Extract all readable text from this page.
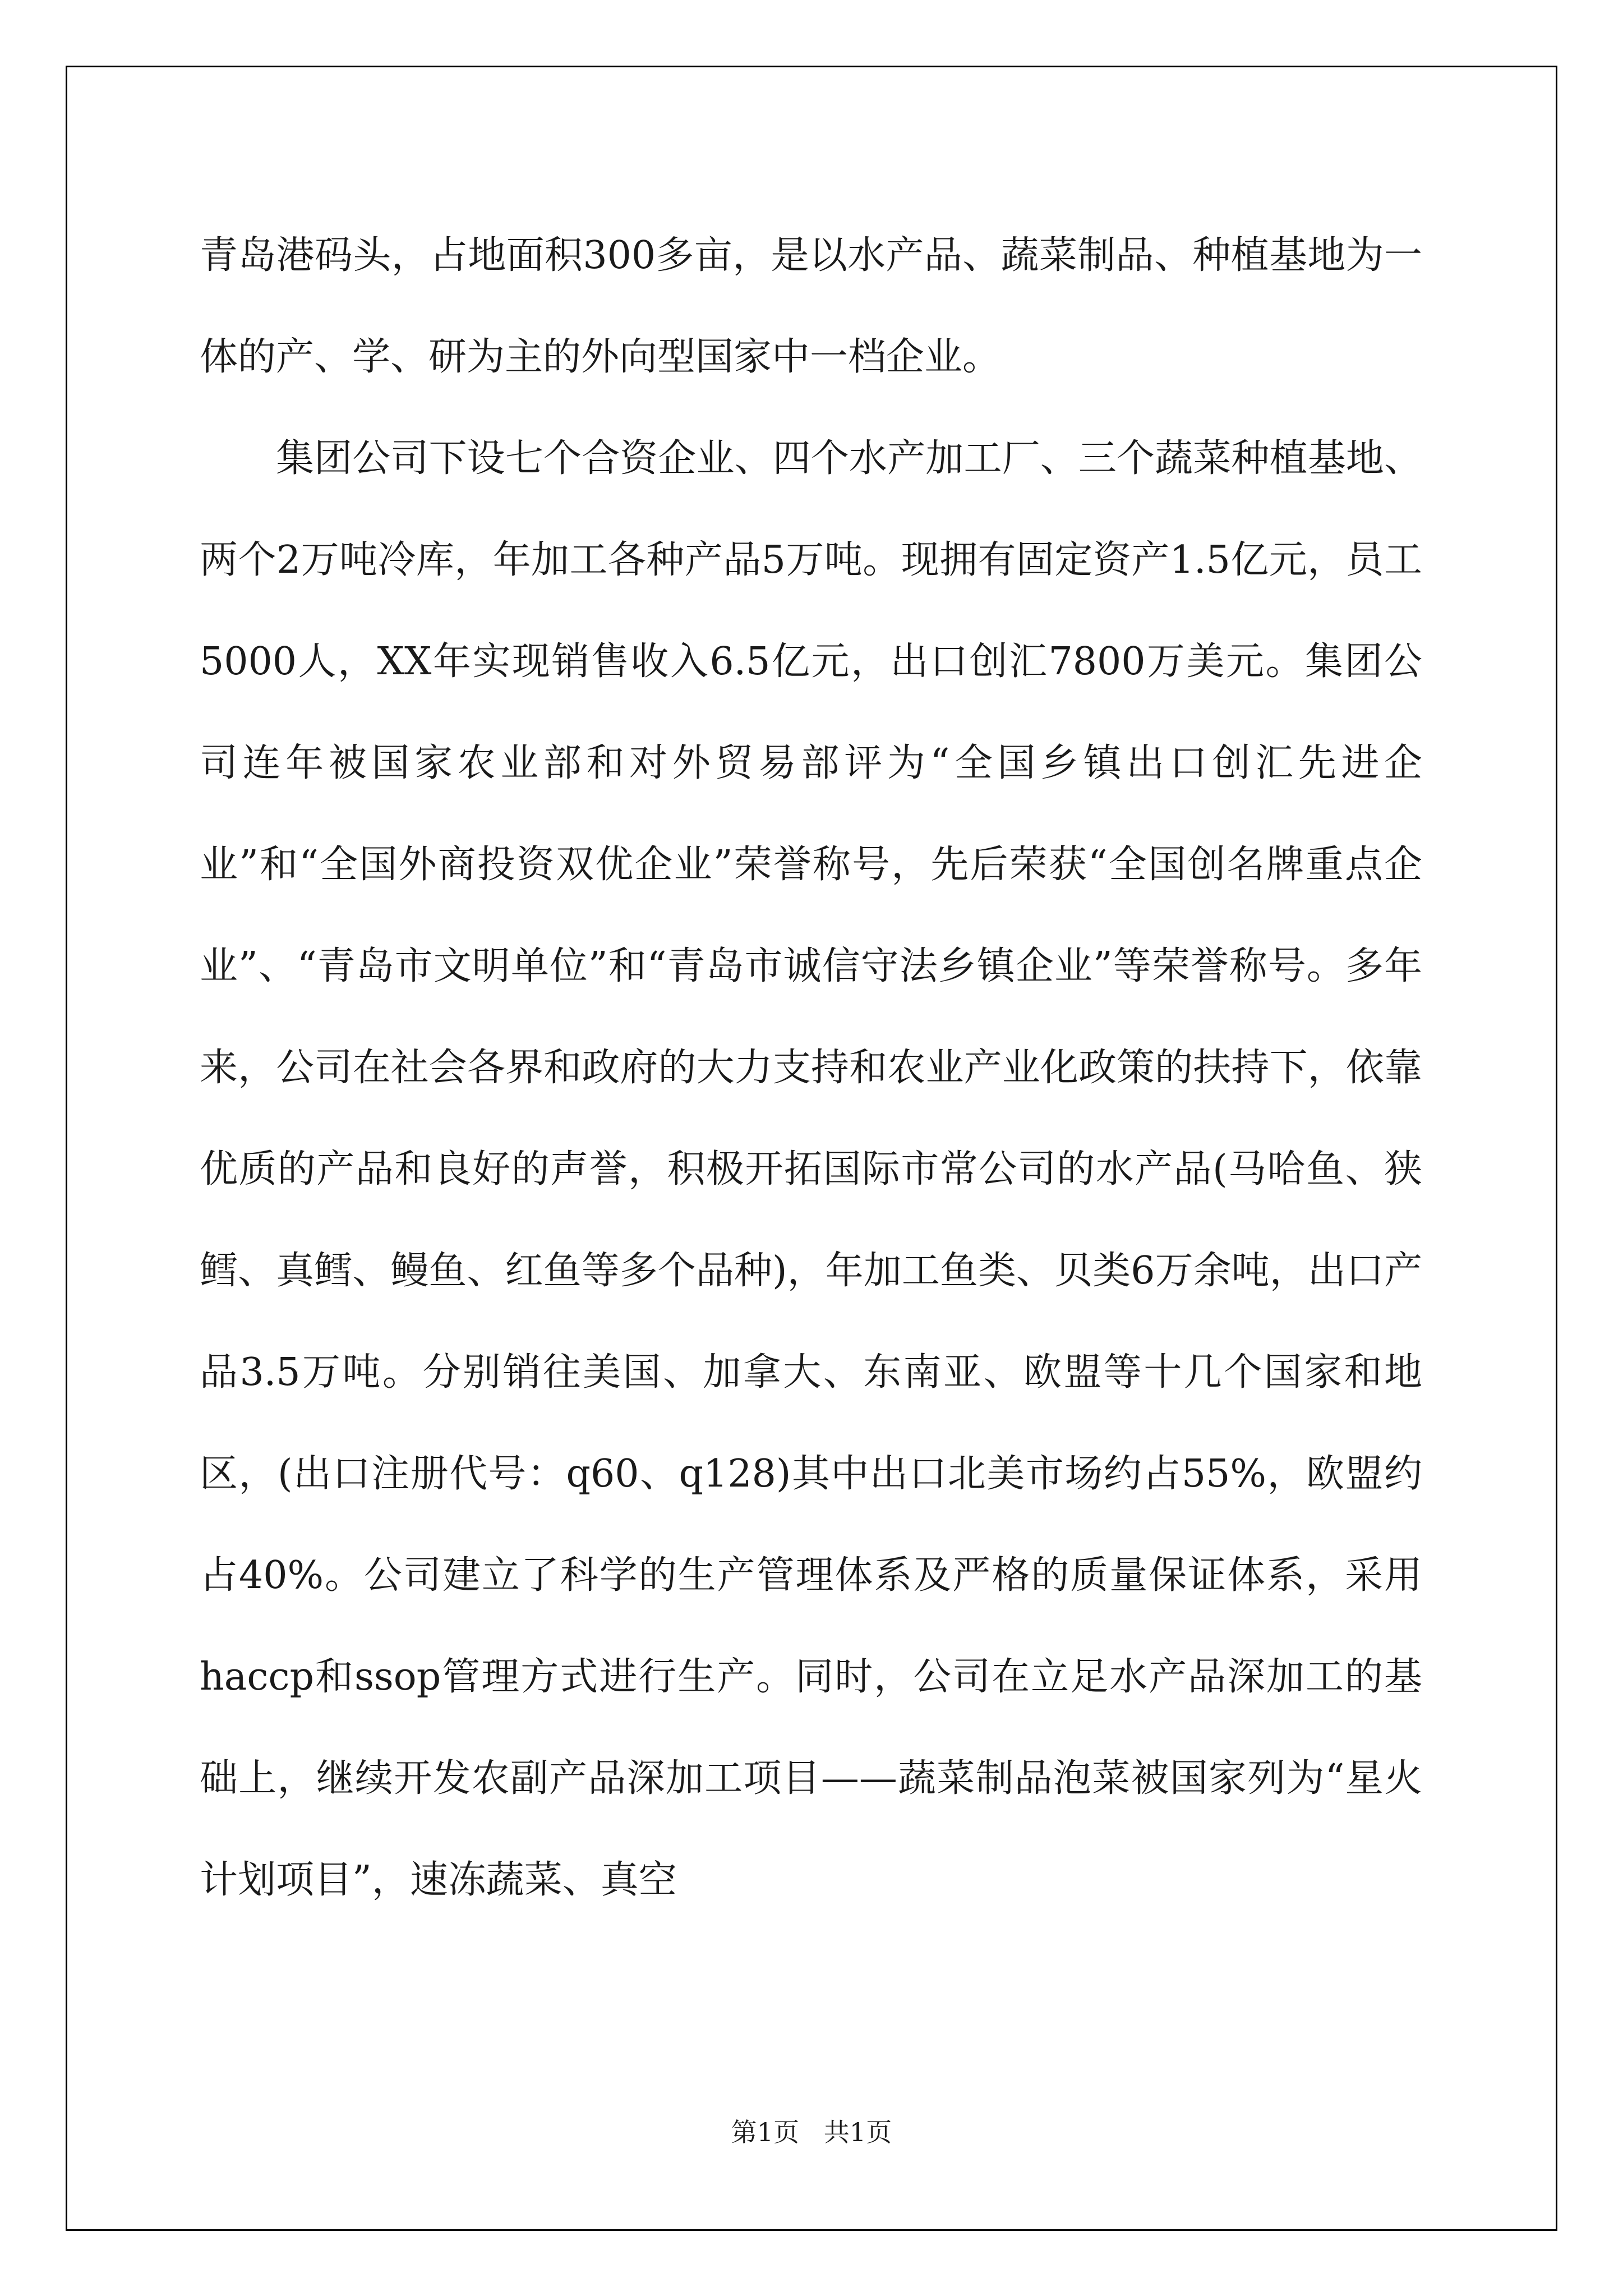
青岛港码头，占地面积300多亩，是以水产品、蔬菜制品、种植基地为一体的产、学、研为主的外向型国家中一档企业。

集团公司下设七个合资企业、四个水产加工厂、三个蔬菜种植基地、两个2万吨冷库，年加工各种产品5万吨。现拥有固定资产1.5亿元，员工5000人，XX年实现销售收入6.5亿元，出口创汇7800万美元。集团公司连年被国家农业部和对外贸易部评为“全国乡镇出口创汇先进企业”和“全国外商投资双优企业”荣誉称号，先后荣获“全国创名牌重点企业”、“青岛市文明单位”和“青岛市诚信守法乡镇企业”等荣誉称号。多年来，公司在社会各界和政府的大力支持和农业产业化政策的扶持下，依靠优质的产品和良好的声誉，积极开拓国际市常公司的水产品(马哈鱼、狭鳕、真鳕、鳗鱼、红鱼等多个品种)，年加工鱼类、贝类6万余吨，出口产品3.5万吨。分别销往美国、加拿大、东南亚、欧盟等十几个国家和地区，(出口注册代号：q60、q128)其中出口北美市场约占55%，欧盟约占40%。公司建立了科学的生产管理体系及严格的质量保证体系，采用haccp和ssop管理方式进行生产。同时，公司在立足水产品深加工的基础上，继续开发农副产品深加工项目——蔬菜制品泡菜被国家列为“星火计划项目”，速冻蔬菜、真空

第1页   共1页
